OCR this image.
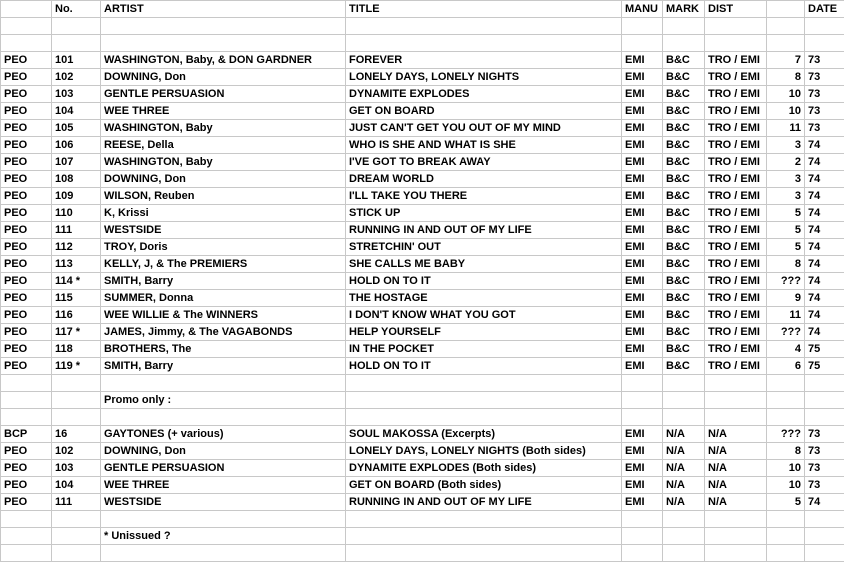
	No.	ARTIST	TITLE	MANU	MARK	DIST		DATE

PEO	101	WASHINGTON, Baby, & DON GARDNER	FOREVER	EMI	B&C	TRO / EMI	7	73
PEO	102	DOWNING, Don	LONELY DAYS, LONELY NIGHTS	EMI	B&C	TRO / EMI	8	73
PEO	103	GENTLE PERSUASION	DYNAMITE EXPLODES	EMI	B&C	TRO / EMI	10	73
PEO	104	WEE THREE	GET ON BOARD	EMI	B&C	TRO / EMI	10	73
PEO	105	WASHINGTON, Baby	JUST CAN'T GET YOU OUT OF MY MIND	EMI	B&C	TRO / EMI	11	73
PEO	106	REESE, Della	WHO IS SHE AND WHAT IS SHE	EMI	B&C	TRO / EMI	3	74
PEO	107	WASHINGTON, Baby	I'VE GOT TO BREAK AWAY	EMI	B&C	TRO / EMI	2	74
PEO	108	DOWNING, Don	DREAM WORLD	EMI	B&C	TRO / EMI	3	74
PEO	109	WILSON, Reuben	I'LL TAKE YOU THERE	EMI	B&C	TRO / EMI	3	74
PEO	110	K, Krissi	STICK UP	EMI	B&C	TRO / EMI	5	74
PEO	111	WESTSIDE	RUNNING IN AND OUT OF MY LIFE	EMI	B&C	TRO / EMI	5	74
PEO	112	TROY, Doris	STRETCHIN' OUT	EMI	B&C	TRO / EMI	5	74
PEO	113	KELLY, J, & The PREMIERS	SHE CALLS ME BABY	EMI	B&C	TRO / EMI	8	74
PEO	114 *	SMITH, Barry	HOLD ON TO IT	EMI	B&C	TRO / EMI	???	74
PEO	115	SUMMER, Donna	THE HOSTAGE	EMI	B&C	TRO / EMI	9	74
PEO	116	WEE WILLIE & The WINNERS	I DON'T KNOW WHAT YOU GOT	EMI	B&C	TRO / EMI	11	74
PEO	117 *	JAMES, Jimmy, & The VAGABONDS	HELP YOURSELF	EMI	B&C	TRO / EMI	???	74
PEO	118	BROTHERS, The	IN THE POCKET	EMI	B&C	TRO / EMI	4	75
PEO	119 *	SMITH, Barry	HOLD ON TO IT	EMI	B&C	TRO / EMI	6	75

		Promo only :						

BCP	16	GAYTONES (+ various)	SOUL MAKOSSA (Excerpts)	EMI	N/A	N/A	???	73
PEO	102	DOWNING, Don	LONELY DAYS, LONELY NIGHTS (Both sides)	EMI	N/A	N/A	8	73
PEO	103	GENTLE PERSUASION	DYNAMITE EXPLODES (Both sides)	EMI	N/A	N/A	10	73
PEO	104	WEE THREE	GET ON BOARD (Both sides)	EMI	N/A	N/A	10	73
PEO	111	WESTSIDE	RUNNING IN AND OUT OF MY LIFE	EMI	N/A	N/A	5	74

		* Unissued ?						
